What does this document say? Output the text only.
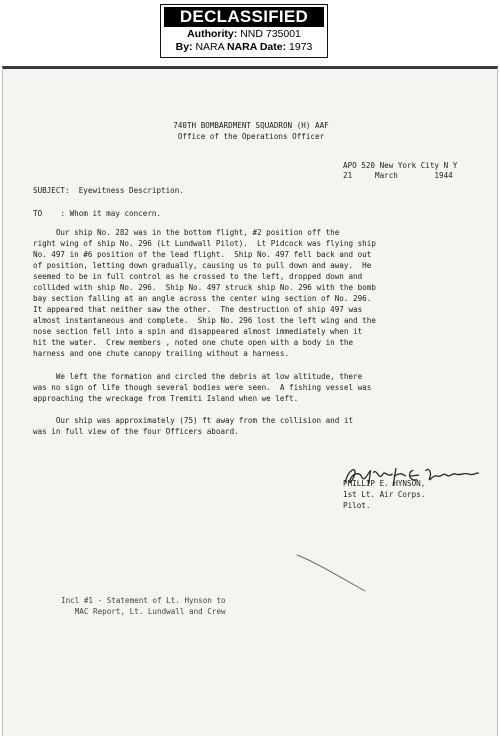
DECLASSIFIED
Authority: NND 735001
By: NARA NARA Date: 1973
740TH BOMBARDMENT SQUADRON (H) AAF
Office of the Operations Officer
APO 520 New York City N Y
21     March        1944
SUBJECT: Eyewitness Description.
TO : Whom it may concern.
Our ship No. 282 was in the bottom flight, #2 position off the
right wing of ship No. 296 (Lt Lundwall Pilot).  Lt Pidcock was flying ship
No. 497 in #6 position of the lead flight.  Ship No. 497 fell back and out
of position, letting down gradually, causing us to pull down and away.  He
seemed to be in full control as he crossed to the left, dropped down and
collided with ship No. 296.  Ship No. 497 struck ship No. 296 with the bomb
bay section falling at an angle across the center wing section of No. 296.
It appeared that neither saw the other.  The destruction of ship 497 was
almost instantaneous and complete.  Ship No. 296 lost the left wing and the
nose section fell into a spin and disappeared almost immediately when it
hit the water.  Crew members , noted one chute open with a body in the
harness and one chute canopy trailing without a harness.
We left the formation and circled the debris at low altitude, there
was no sign of life though several bodies were seen.  A fishing vessel was
approaching the wreckage from Tremiti Island when we left.
Our ship was approximately (75) ft away from the collision and it
was in full view of the four Officers aboard.
PHILLIP E. HYNSON,
1st Lt. Air Corps.
Pilot.
Incl #1 - Statement of Lt. Hynson to
MAC Report, Lt. Lundwall and Crew
